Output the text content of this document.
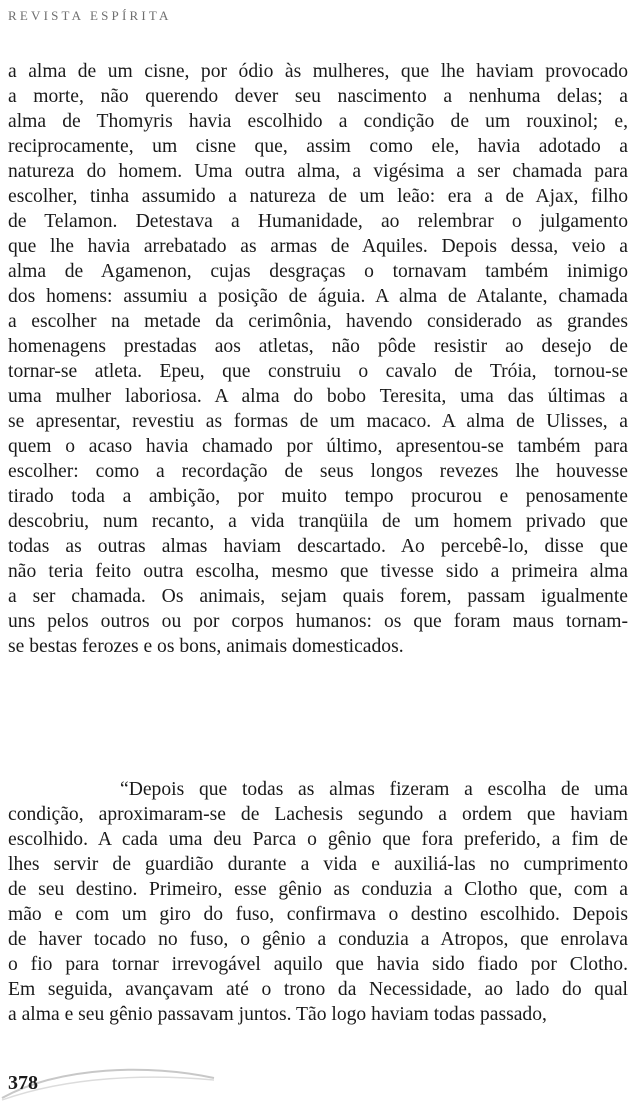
REVISTA ESPÍRITA
a alma de um cisne, por ódio às mulheres, que lhe haviam provocado
a morte, não querendo dever seu nascimento a nenhuma delas; a
alma de Thomyris havia escolhido a condição de um rouxinol; e,
reciprocamente, um cisne que, assim como ele, havia adotado a
natureza do homem. Uma outra alma, a vigésima a ser chamada para
escolher, tinha assumido a natureza de um leão: era a de Ajax, filho
de Telamon. Detestava a Humanidade, ao relembrar o julgamento
que lhe havia arrebatado as armas de Aquiles. Depois dessa, veio a
alma de Agamenon, cujas desgraças o tornavam também inimigo
dos homens: assumiu a posição de águia. A alma de Atalante, chamada
a escolher na metade da cerimônia, havendo considerado as grandes
homenagens prestadas aos atletas, não pôde resistir ao desejo de
tornar-se atleta. Epeu, que construiu o cavalo de Tróia, tornou-se
uma mulher laboriosa. A alma do bobo Teresita, uma das últimas a
se apresentar, revestiu as formas de um macaco. A alma de Ulisses, a
quem o acaso havia chamado por último, apresentou-se também para
escolher: como a recordação de seus longos revezes lhe houvesse
tirado toda a ambição, por muito tempo procurou e penosamente
descobriu, num recanto, a vida tranqüila de um homem privado que
todas as outras almas haviam descartado. Ao percebê-lo, disse que
não teria feito outra escolha, mesmo que tivesse sido a primeira alma
a ser chamada. Os animais, sejam quais forem, passam igualmente
uns pelos outros ou por corpos humanos: os que foram maus tornam-
se bestas ferozes e os bons, animais domesticados.
“Depois que todas as almas fizeram a escolha de uma
condição, aproximaram-se de Lachesis segundo a ordem que haviam
escolhido. A cada uma deu Parca o gênio que fora preferido, a fim de
lhes servir de guardião durante a vida e auxiliá-las no cumprimento
de seu destino. Primeiro, esse gênio as conduzia a Clotho que, com a
mão e com um giro do fuso, confirmava o destino escolhido. Depois
de haver tocado no fuso, o gênio a conduzia a Atropos, que enrolava
o fio para tornar irrevogável aquilo que havia sido fiado por Clotho.
Em seguida, avançavam até o trono da Necessidade, ao lado do qual
a alma e seu gênio passavam juntos. Tão logo haviam todas passado,
378
